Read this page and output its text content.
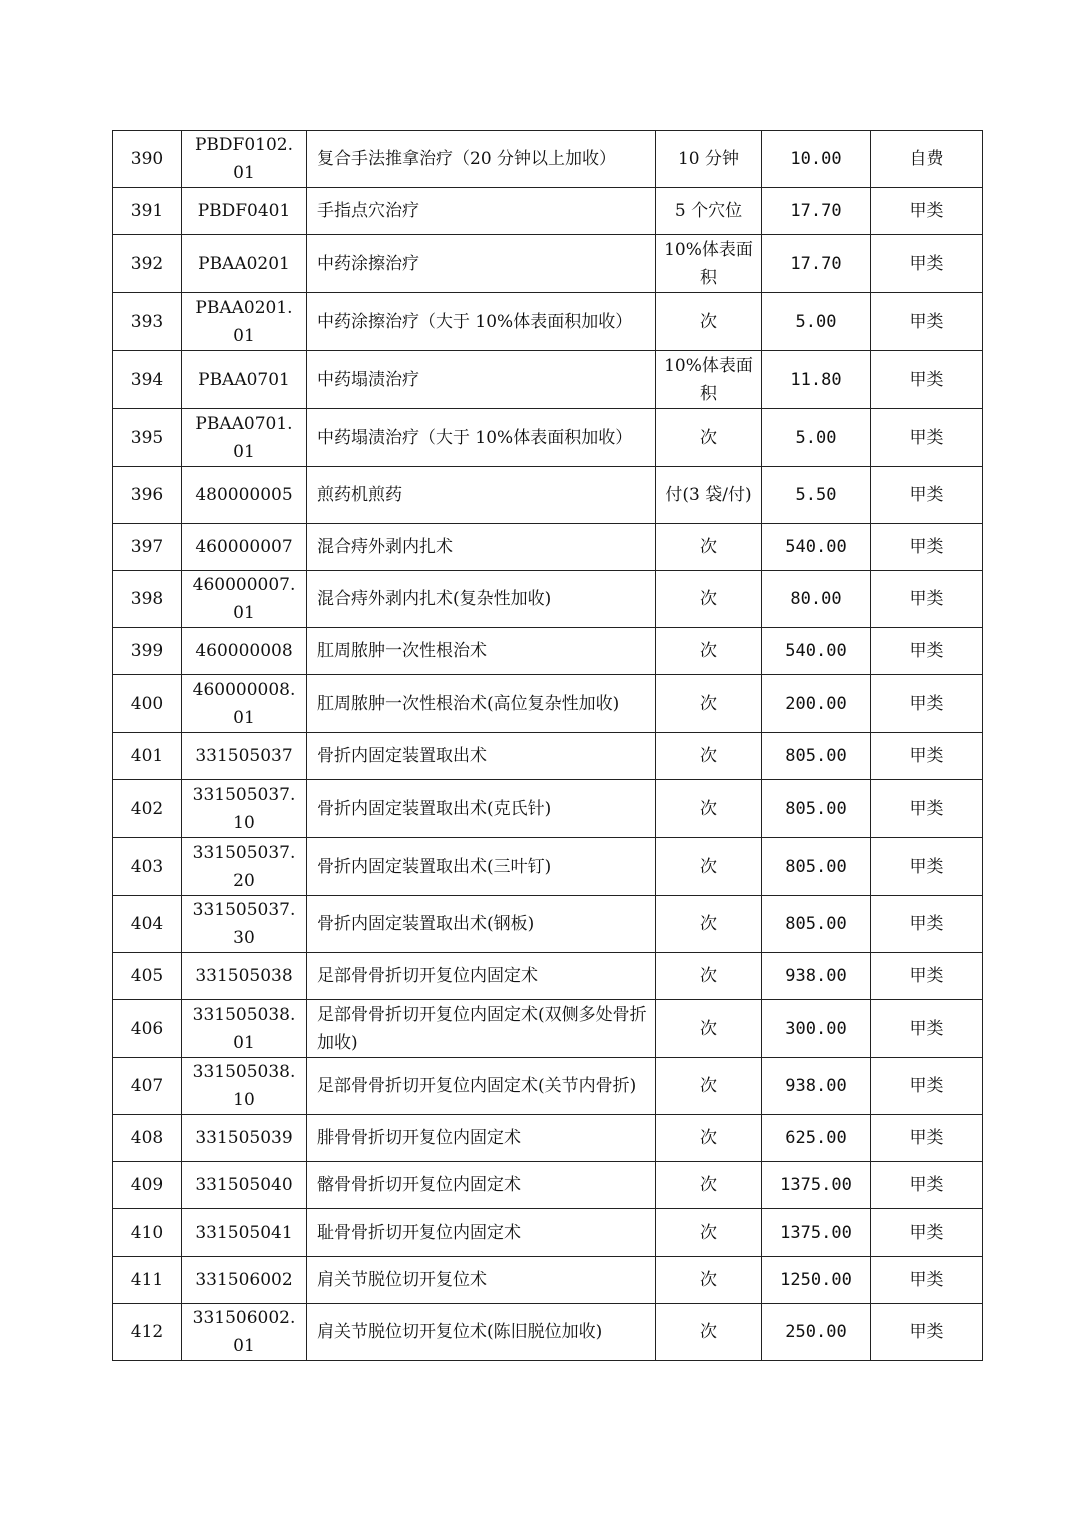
390	PBDF0102.01	复合手法推拿治疗（20 分钟以上加收）	10 分钟	10.00	自费
391	PBDF0401	手指点穴治疗	5 个穴位	17.70	甲类
392	PBAA0201	中药涂擦治疗	10%体表面积	17.70	甲类
393	PBAA0201.01	中药涂擦治疗（大于 10%体表面积加收）	次	5.00	甲类
394	PBAA0701	中药塌渍治疗	10%体表面积	11.80	甲类
395	PBAA0701.01	中药塌渍治疗（大于 10%体表面积加收）	次	5.00	甲类
396	480000005	煎药机煎药	付(3 袋/付)	5.50	甲类
397	460000007	混合痔外剥内扎术	次	540.00	甲类
398	460000007.01	混合痔外剥内扎术(复杂性加收)	次	80.00	甲类
399	460000008	肛周脓肿一次性根治术	次	540.00	甲类
400	460000008.01	肛周脓肿一次性根治术(高位复杂性加收)	次	200.00	甲类
401	331505037	骨折内固定装置取出术	次	805.00	甲类
402	331505037.10	骨折内固定装置取出术(克氏针)	次	805.00	甲类
403	331505037.20	骨折内固定装置取出术(三叶钉)	次	805.00	甲类
404	331505037.30	骨折内固定装置取出术(钢板)	次	805.00	甲类
405	331505038	足部骨骨折切开复位内固定术	次	938.00	甲类
406	331505038.01	足部骨骨折切开复位内固定术(双侧多处骨折加收)	次	300.00	甲类
407	331505038.10	足部骨骨折切开复位内固定术(关节内骨折)	次	938.00	甲类
408	331505039	腓骨骨折切开复位内固定术	次	625.00	甲类
409	331505040	髂骨骨折切开复位内固定术	次	1375.00	甲类
410	331505041	耻骨骨折切开复位内固定术	次	1375.00	甲类
411	331506002	肩关节脱位切开复位术	次	1250.00	甲类
412	331506002.01	肩关节脱位切开复位术(陈旧脱位加收)	次	250.00	甲类
